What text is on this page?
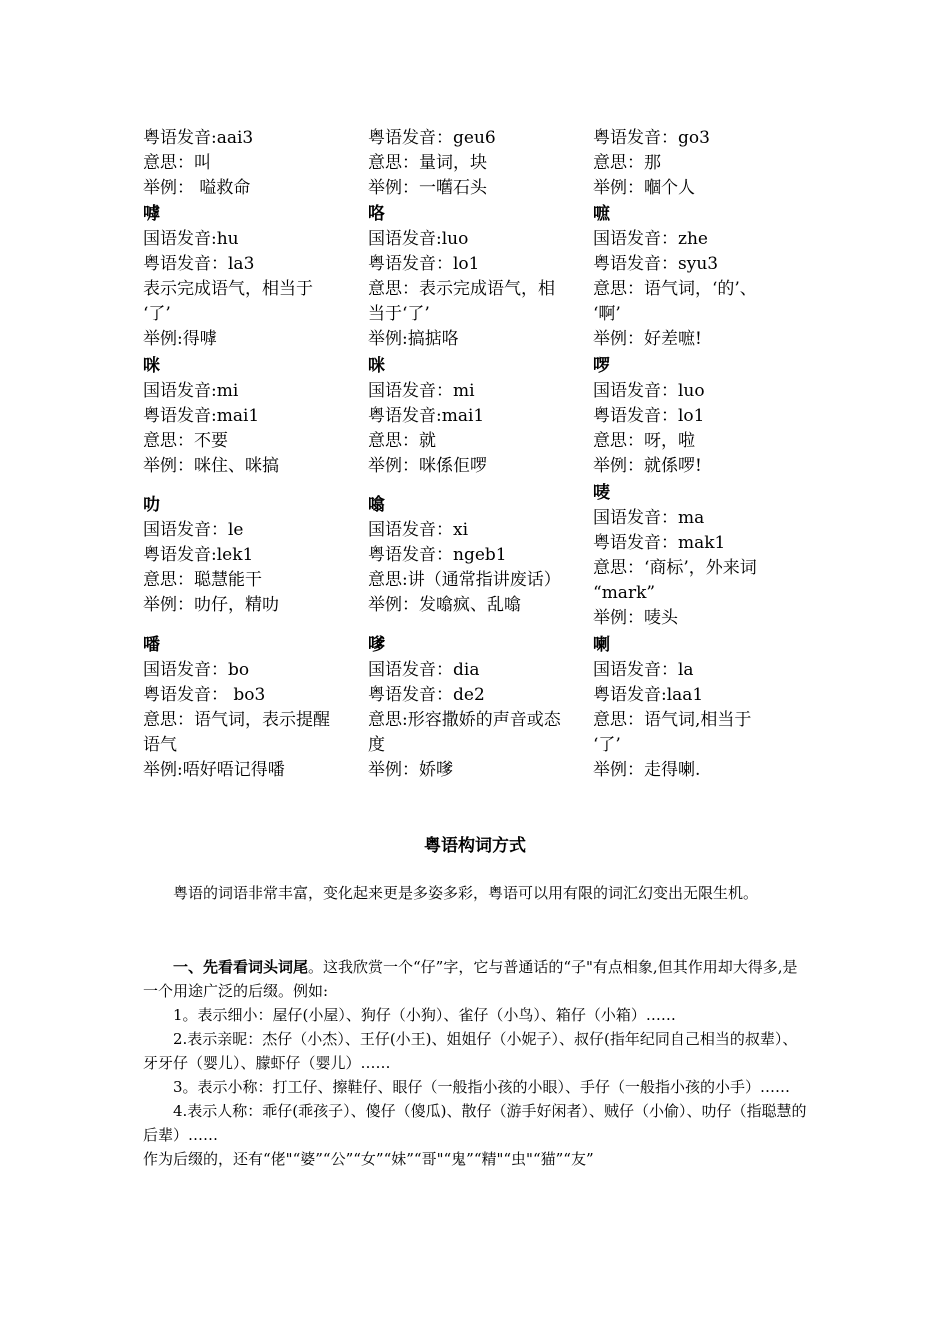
粤语发音:aai3
意思：叫
举例： 嗌救命
嘑
国语发音:hu
粤语发音：la3
表示完成语气，相当于
‘了’
举例:得嘑
咪
国语发音:mi
粤语发音:mai1
意思：不要
举例：咪住、咪搞
叻
国语发音：le
粤语发音:lek1
意思：聪慧能干
举例：叻仔，精叻
噃
国语发音：bo
粤语发音： bo3
意思：语气词，表示提醒
语气
举例:唔好唔记得噃
粤语发音：geu6
意思：量词，块
举例：一嚿石头
咯
国语发音:luo
粤语发音：lo1
意思：表示完成语气，相
当于‘了’
举例:搞掂咯
咪
国语发音：mi
粤语发音:mai1
意思：就
举例：咪係佢啰
噏
国语发音：xi
粤语发音：ngeb1
意思:讲（通常指讲废话）
举例：发噏疯、乱噏
嗲
国语发音：dia
粤语发音：de2
意思:形容撒娇的声音或态
度
举例：娇嗲
粤语发音：go3
意思：那
举例：嗰个人
嗻
国语发音：zhe
粤语发音：syu3
意思：语气词，‘的’、
‘啊’
举例：好差嗻!
啰
国语发音：luo
粤语发音：lo1
意思：呀，啦
举例：就係啰!
唛
国语发音：ma
粤语发音：mak1
意思：‘商标’，外来词
“mark”
举例：唛头
喇
国语发音：la
粤语发音:laa1
意思：语气词,相当于
‘了’
举例：走得喇.
粤语构词方式

粤语的词语非常丰富，变化起来更是多姿多彩，粤语可以用有限的词汇幻变出无限生机。

一、先看看词头词尾。这我欣赏一个“仔”字，它与普通话的“子"有点相象,但其作用却大得多,是一个用途广泛的后缀。例如:

1。表示细小：屋仔(小屋）、狗仔（小狗）、雀仔（小鸟）、箱仔（小箱）……

2.表示亲昵：杰仔（小杰）、王仔(小王)、姐姐仔（小妮子）、叔仔(指年纪同自己相当的叔辈）、牙牙仔（婴儿）、朦虾仔（婴儿）……

3。表示小称：打工仔、擦鞋仔、眼仔（一般指小孩的小眼）、手仔（一般指小孩的小手）……

4.表示人称：乖仔(乖孩子）、傻仔（傻瓜)、散仔（游手好闲者）、贼仔（小偷）、叻仔（指聪慧的后辈）……

作为后缀的，还有“佬"“婆”“公”“女”“妹”“哥"“鬼”“精"“虫"“猫”“友”
